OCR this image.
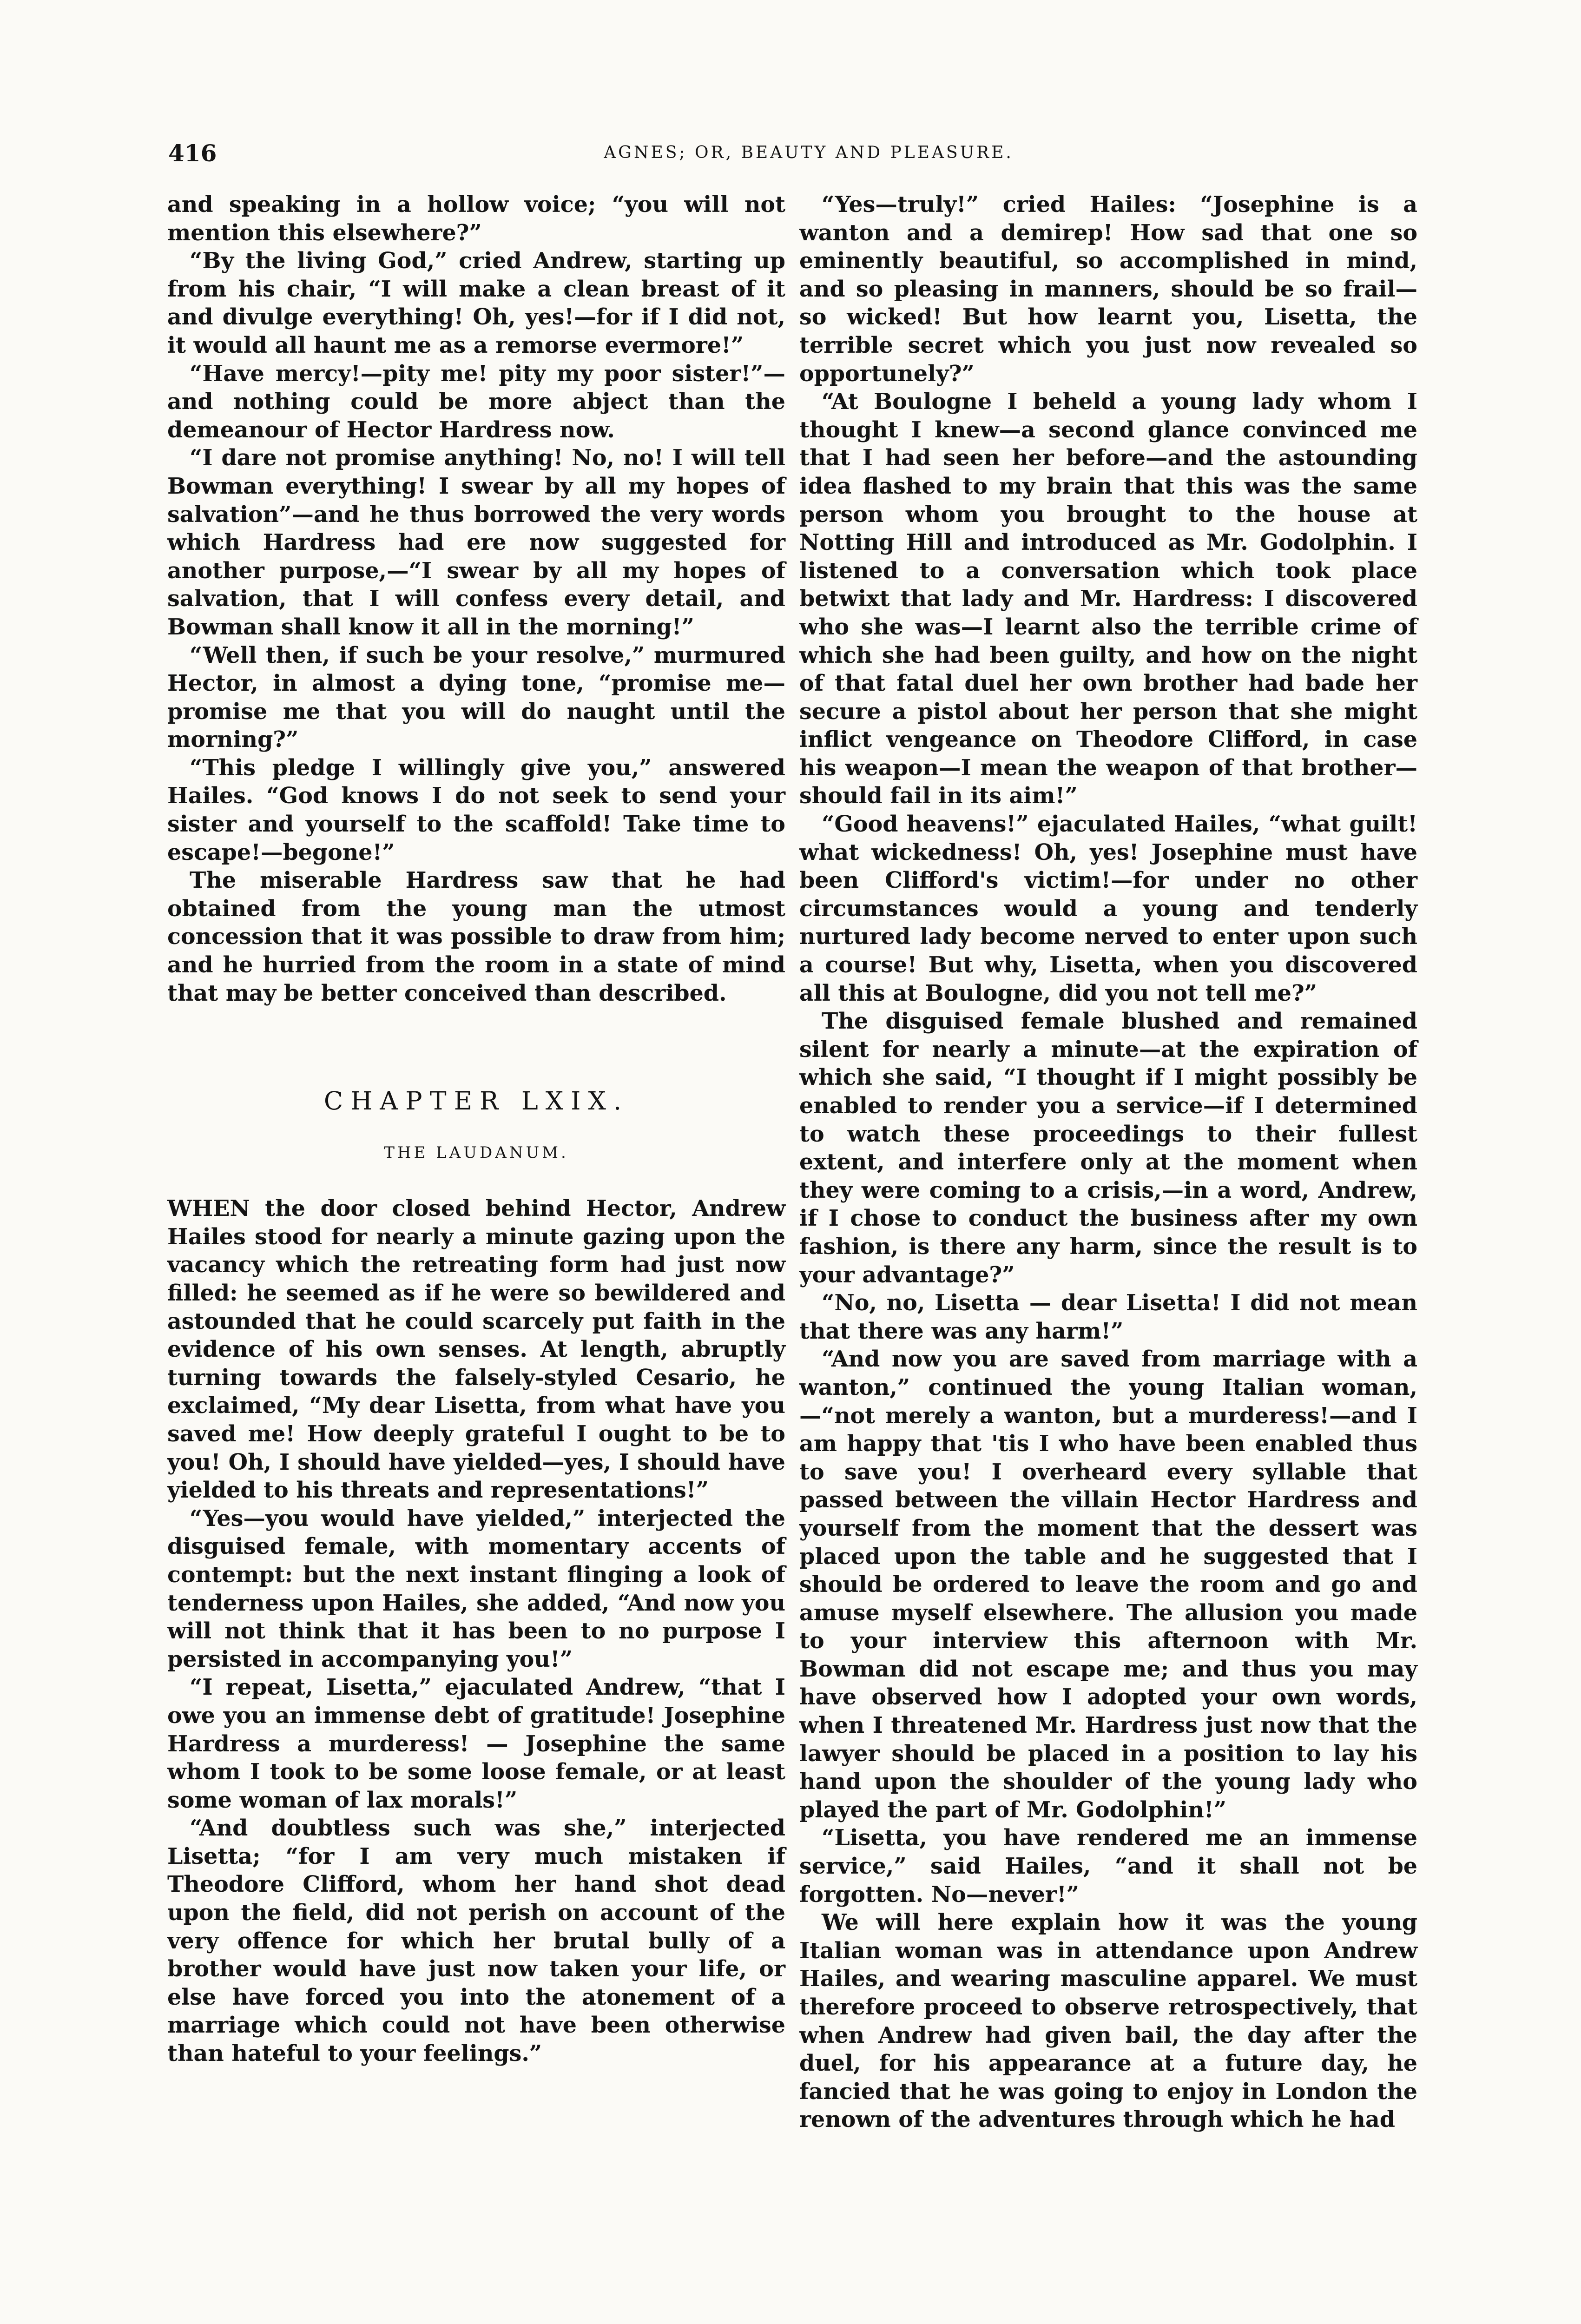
416	AGNES; OR, BEAUTY AND PLEASURE.

and speaking in a hollow voice; “you will not mention this elsewhere?”

“By the living God,” cried Andrew, starting up from his chair, “I will make a clean breast of it and divulge everything! Oh, yes!—for if I did not, it would all haunt me as a remorse evermore!”

“Have mercy!—pity me! pity my poor sister!”—and nothing could be more abject than the demeanour of Hector Hardress now.

“I dare not promise anything! No, no! I will tell Bowman everything! I swear by all my hopes of salvation”—and he thus borrowed the very words which Hardress had ere now suggested for another purpose,—“I swear by all my hopes of salvation, that I will confess every detail, and Bowman shall know it all in the morning!”

“Well then, if such be your resolve,” murmured Hector, in almost a dying tone, “promise me—promise me that you will do naught until the morning?”

“This pledge I willingly give you,” answered Hailes. “God knows I do not seek to send your sister and yourself to the scaffold! Take time to escape!—begone!”

The miserable Hardress saw that he had obtained from the young man the utmost concession that it was possible to draw from him; and he hurried from the room in a state of mind that may be better conceived than described.

CHAPTER LXIX.
THE LAUDANUM.

WHEN the door closed behind Hector, Andrew Hailes stood for nearly a minute gazing upon the vacancy which the retreating form had just now filled: he seemed as if he were so bewildered and astounded that he could scarcely put faith in the evidence of his own senses. At length, abruptly turning towards the falsely-styled Cesario, he exclaimed, “My dear Lisetta, from what have you saved me! How deeply grateful I ought to be to you! Oh, I should have yielded—yes, I should have yielded to his threats and representations!”

“Yes—you would have yielded,” interjected the disguised female, with momentary accents of contempt: but the next instant flinging a look of tenderness upon Hailes, she added, “And now you will not think that it has been to no purpose I persisted in accompanying you!”

“I repeat, Lisetta,” ejaculated Andrew, “that I owe you an immense debt of gratitude! Josephine Hardress a murderess! — Josephine the same whom I took to be some loose female, or at least some woman of lax morals!”

“And doubtless such was she,” interjected Lisetta; “for I am very much mistaken if Theodore Clifford, whom her hand shot dead upon the field, did not perish on account of the very offence for which her brutal bully of a brother would have just now taken your life, or else have forced you into the atonement of a marriage which could not have been otherwise than hateful to your feelings.”

“Yes—truly!” cried Hailes: “Josephine is a wanton and a demirep! How sad that one so eminently beautiful, so accomplished in mind, and so pleasing in manners, should be so frail—so wicked! But how learnt you, Lisetta, the terrible secret which you just now revealed so opportunely?”

“At Boulogne I beheld a young lady whom I thought I knew—a second glance convinced me that I had seen her before—and the astounding idea flashed to my brain that this was the same person whom you brought to the house at Notting Hill and introduced as Mr. Godolphin. I listened to a conversation which took place betwixt that lady and Mr. Hardress: I discovered who she was—I learnt also the terrible crime of which she had been guilty, and how on the night of that fatal duel her own brother had bade her secure a pistol about her person that she might inflict vengeance on Theodore Clifford, in case his weapon—I mean the weapon of that brother—should fail in its aim!”

“Good heavens!” ejaculated Hailes, “what guilt! what wickedness! Oh, yes! Josephine must have been Clifford's victim!—for under no other circumstances would a young and tenderly nurtured lady become nerved to enter upon such a course! But why, Lisetta, when you discovered all this at Boulogne, did you not tell me?”

The disguised female blushed and remained silent for nearly a minute—at the expiration of which she said, “I thought if I might possibly be enabled to render you a service—if I determined to watch these proceedings to their fullest extent, and interfere only at the moment when they were coming to a crisis,—in a word, Andrew, if I chose to conduct the business after my own fashion, is there any harm, since the result is to your advantage?”

“No, no, Lisetta — dear Lisetta! I did not mean that there was any harm!”

“And now you are saved from marriage with a wanton,” continued the young Italian woman,—“not merely a wanton, but a murderess!—and I am happy that 'tis I who have been enabled thus to save you! I overheard every syllable that passed between the villain Hector Hardress and yourself from the moment that the dessert was placed upon the table and he suggested that I should be ordered to leave the room and go and amuse myself elsewhere. The allusion you made to your interview this afternoon with Mr. Bowman did not escape me; and thus you may have observed how I adopted your own words, when I threatened Mr. Hardress just now that the lawyer should be placed in a position to lay his hand upon the shoulder of the young lady who played the part of Mr. Godolphin!”

“Lisetta, you have rendered me an immense service,” said Hailes, “and it shall not be forgotten. No—never!”

We will here explain how it was the young Italian woman was in attendance upon Andrew Hailes, and wearing masculine apparel. We must therefore proceed to observe retrospectively, that when Andrew had given bail, the day after the duel, for his appearance at a future day, he fancied that he was going to enjoy in London the renown of the adventures through which he had
